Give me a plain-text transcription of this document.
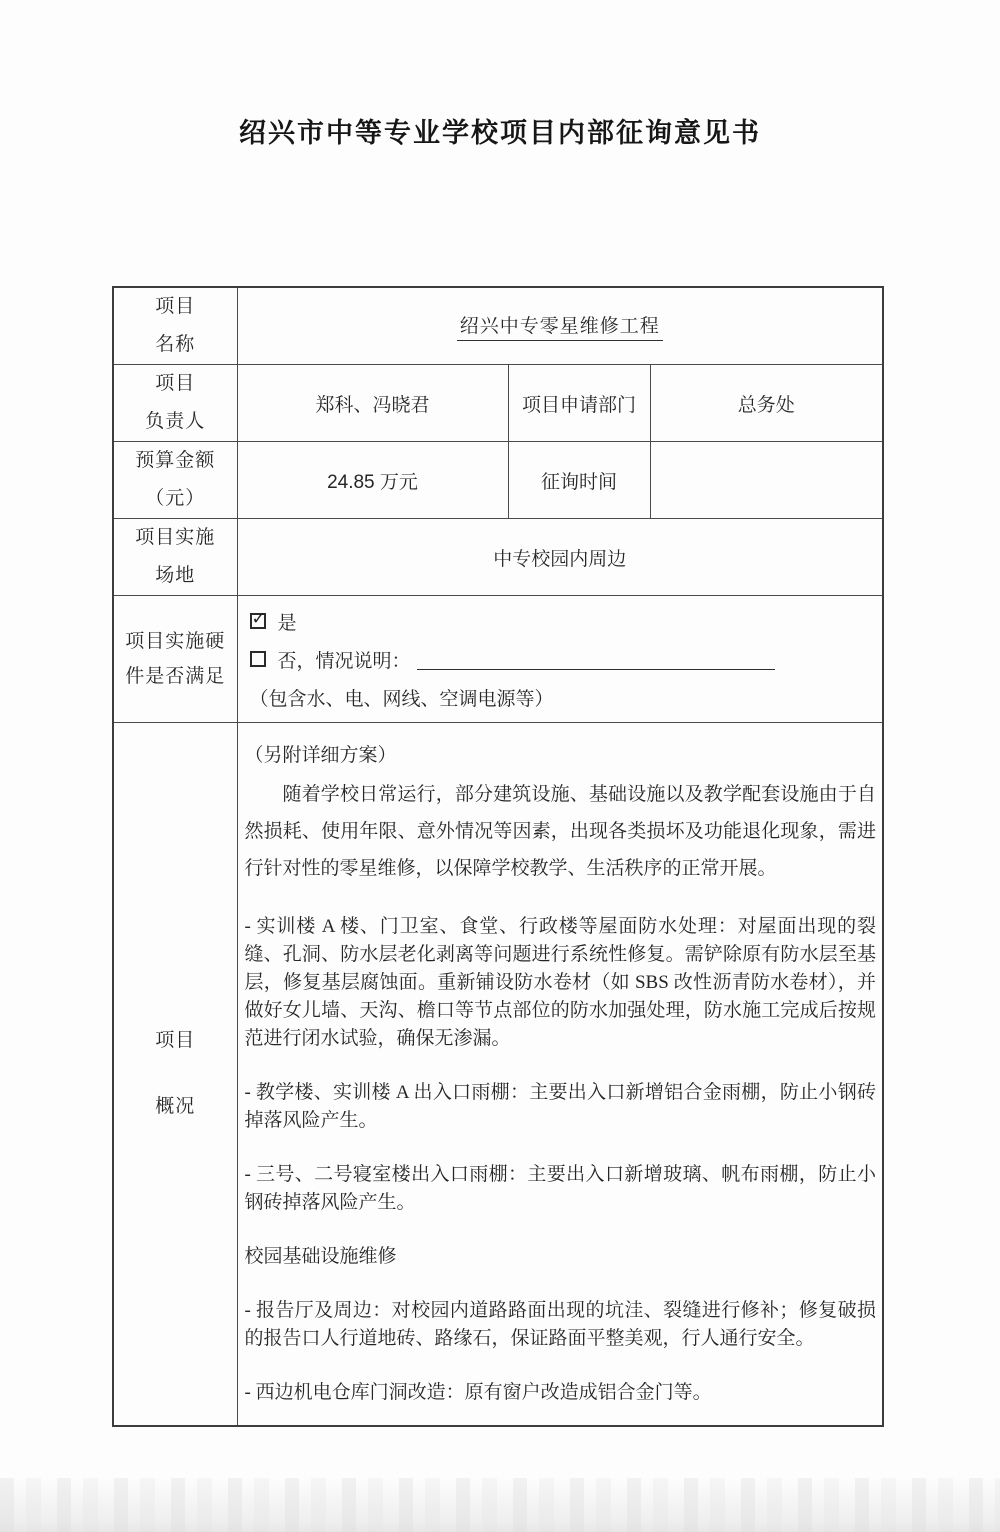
绍兴市中等专业学校项目内部征询意见书
项目
名称	绍兴中专零星维修工程		

项目
负责人	郑科、冯晓君	项目申请部门	总务处

预算金额
（元）	24.85 万元	征询时间	

项目实施
场地	中专校园内周边		

项目实施硬
件是否满足

✓ 是
否，情况说明：
（包含水、电、网线、空调电源等）

项目
概况

（另附详细方案）

随着学校日常运行，部分建筑设施、基础设施以及教学配套设施由于自然损耗、使用年限、意外情况等因素，出现各类损坏及功能退化现象，需进行针对性的零星维修，以保障学校教学、生活秩序的正常开展。

- 实训楼 A 楼、门卫室、食堂、行政楼等屋面防水处理：对屋面出现的裂缝、孔洞、防水层老化剥离等问题进行系统性修复。需铲除原有防水层至基层，修复基层腐蚀面。重新铺设防水卷材（如 SBS 改性沥青防水卷材），并做好女儿墙、天沟、檐口等节点部位的防水加强处理，防水施工完成后按规范进行闭水试验，确保无渗漏。

- 教学楼、实训楼 A 出入口雨棚：主要出入口新增铝合金雨棚，防止小钢砖掉落风险产生。

- 三号、二号寝室楼出入口雨棚：主要出入口新增玻璃、帆布雨棚，防止小钢砖掉落风险产生。

校园基础设施维修

- 报告厅及周边：对校园内道路路面出现的坑洼、裂缝进行修补；修复破损的报告口人行道地砖、路缘石，保证路面平整美观，行人通行安全。

- 西边机电仓库门洞改造：原有窗户改造成铝合金门等。
